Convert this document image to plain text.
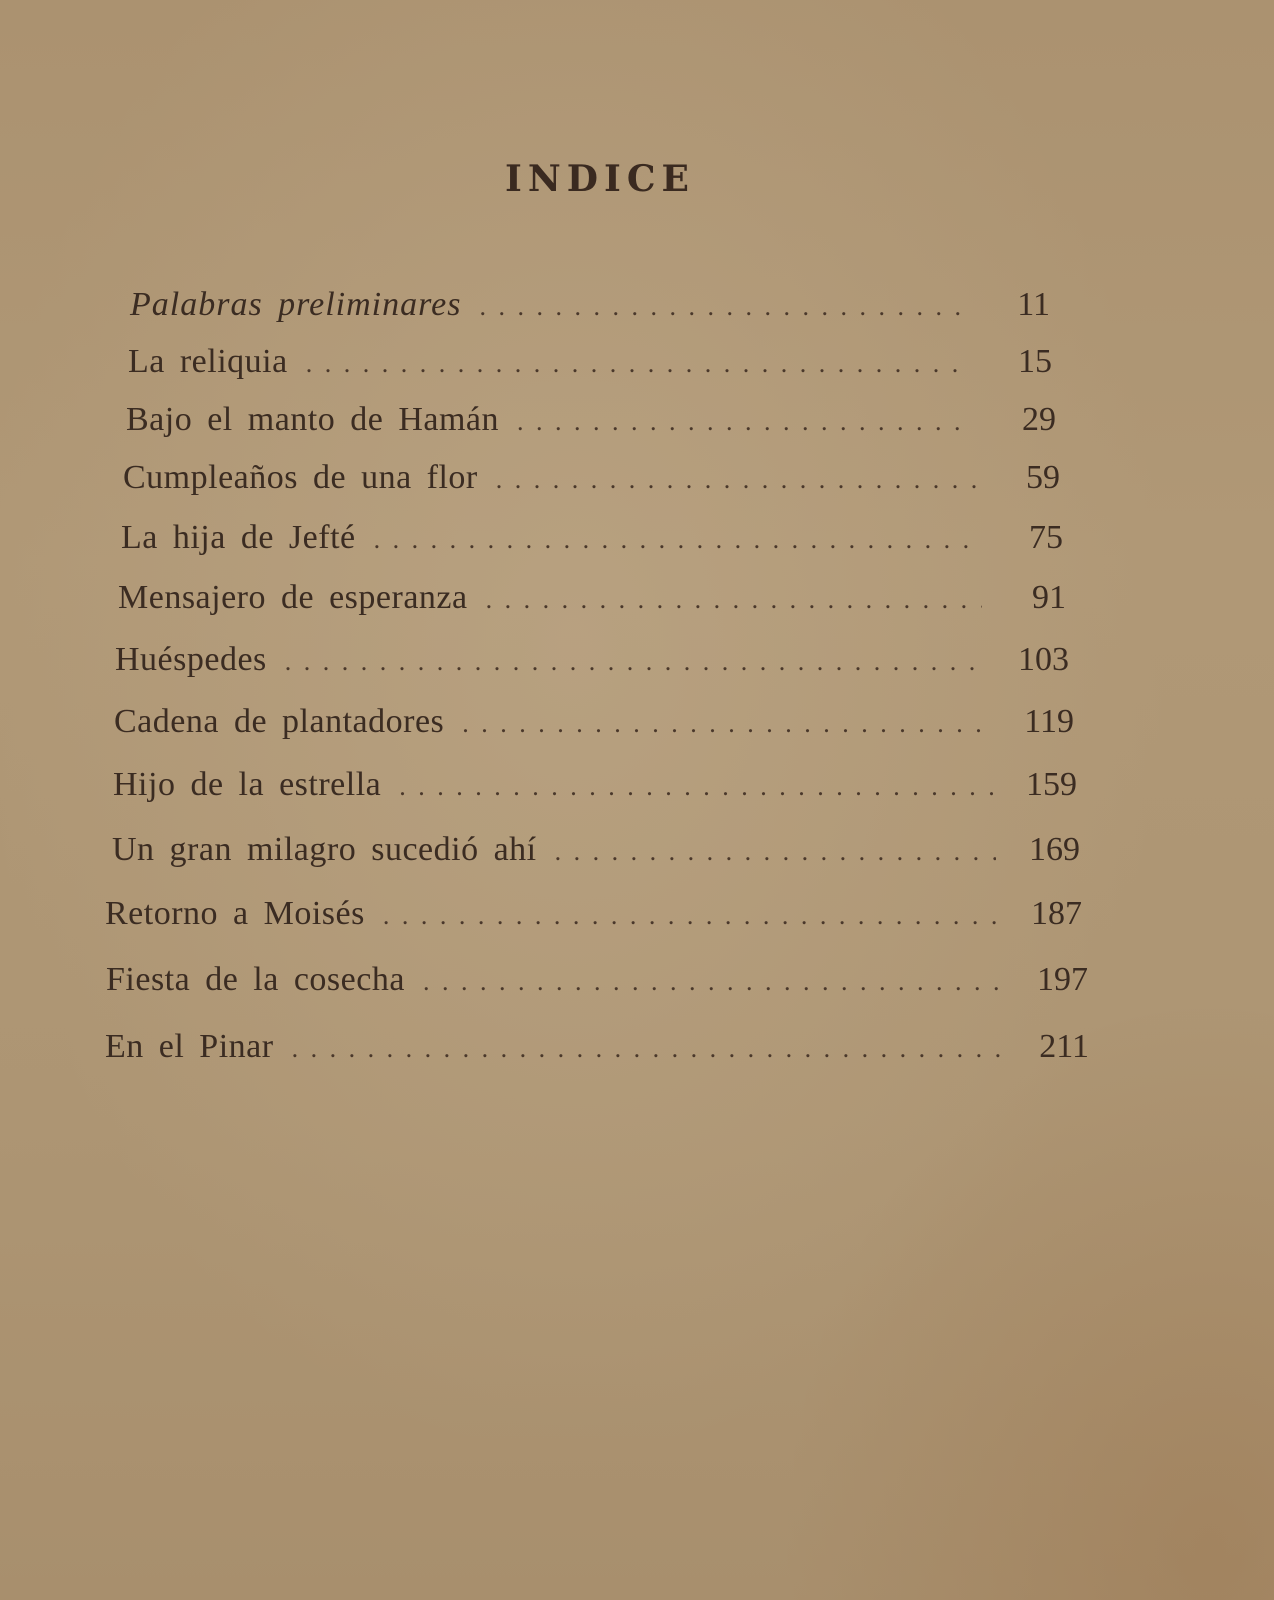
INDICE
Palabras preliminares . . .	11
La reliquia . . .	15
Bajo el manto de Hamán . . .	29
Cumpleaños de una flor . . .	59
La hija de Jefté . . .	75
Mensajero de esperanza . . .	91
Huéspedes . . .	103
Cadena de plantadores . . .	119
Hijo de la estrella . . .	159
Un gran milagro sucedió ahí . . .	169
Retorno a Moisés . . .	187
Fiesta de la cosecha . . .	197
En el Pinar . . .	211
